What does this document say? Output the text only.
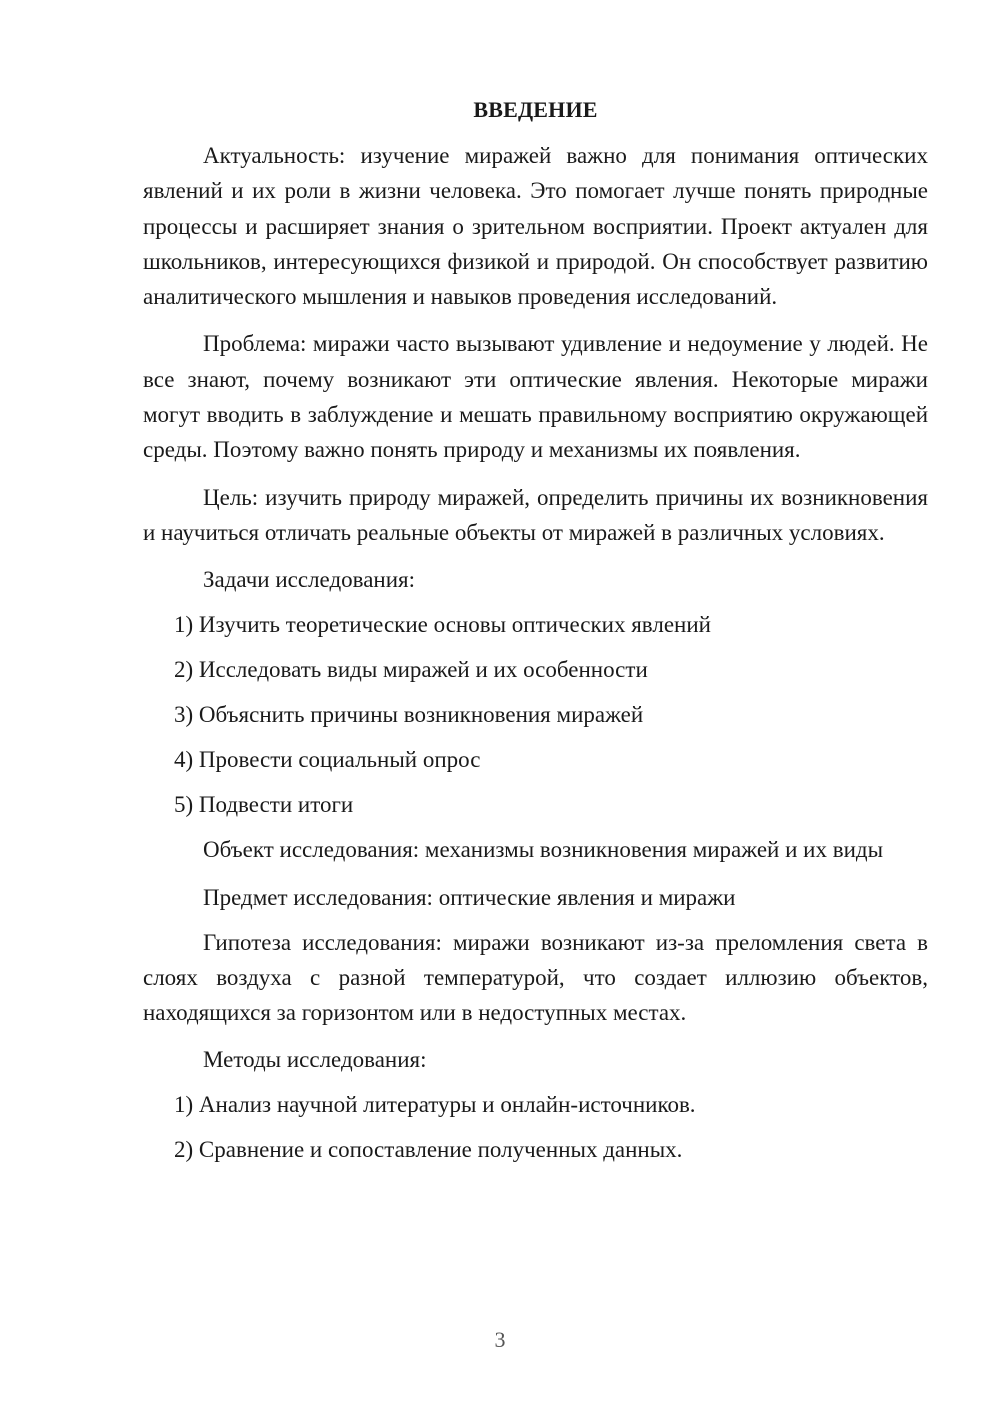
ВВЕДЕНИЕ

Актуальность: изучение миражей важно для понимания оптических явлений и их роли в жизни человека. Это помогает лучше понять природные процессы и расширяет знания о зрительном восприятии. Проект актуален для школьников, интересующихся физикой и природой. Он способствует развитию аналитического мышления и навыков проведения исследований.

Проблема: миражи часто вызывают удивление и недоумение у людей. Не все знают, почему возникают эти оптические явления. Некоторые миражи могут вводить в заблуждение и мешать правильному восприятию окружающей среды. Поэтому важно понять природу и механизмы их появления.

Цель: изучить природу миражей, определить причины их возникновения и научиться отличать реальные объекты от миражей в различных условиях.

Задачи исследования:

1) Изучить теоретические основы оптических явлений
2) Исследовать виды миражей и их особенности
3) Объяснить причины возникновения миражей
4) Провести социальный опрос
5) Подвести итоги

Объект исследования: механизмы возникновения миражей и их виды

Предмет исследования: оптические явления и миражи

Гипотеза исследования: миражи возникают из-за преломления света в слоях воздуха с разной температурой, что создает иллюзию объектов, находящихся за горизонтом или в недоступных местах.

Методы исследования:

1) Анализ научной литературы и онлайн-источников.
2) Сравнение и сопоставление полученных данных.
3
